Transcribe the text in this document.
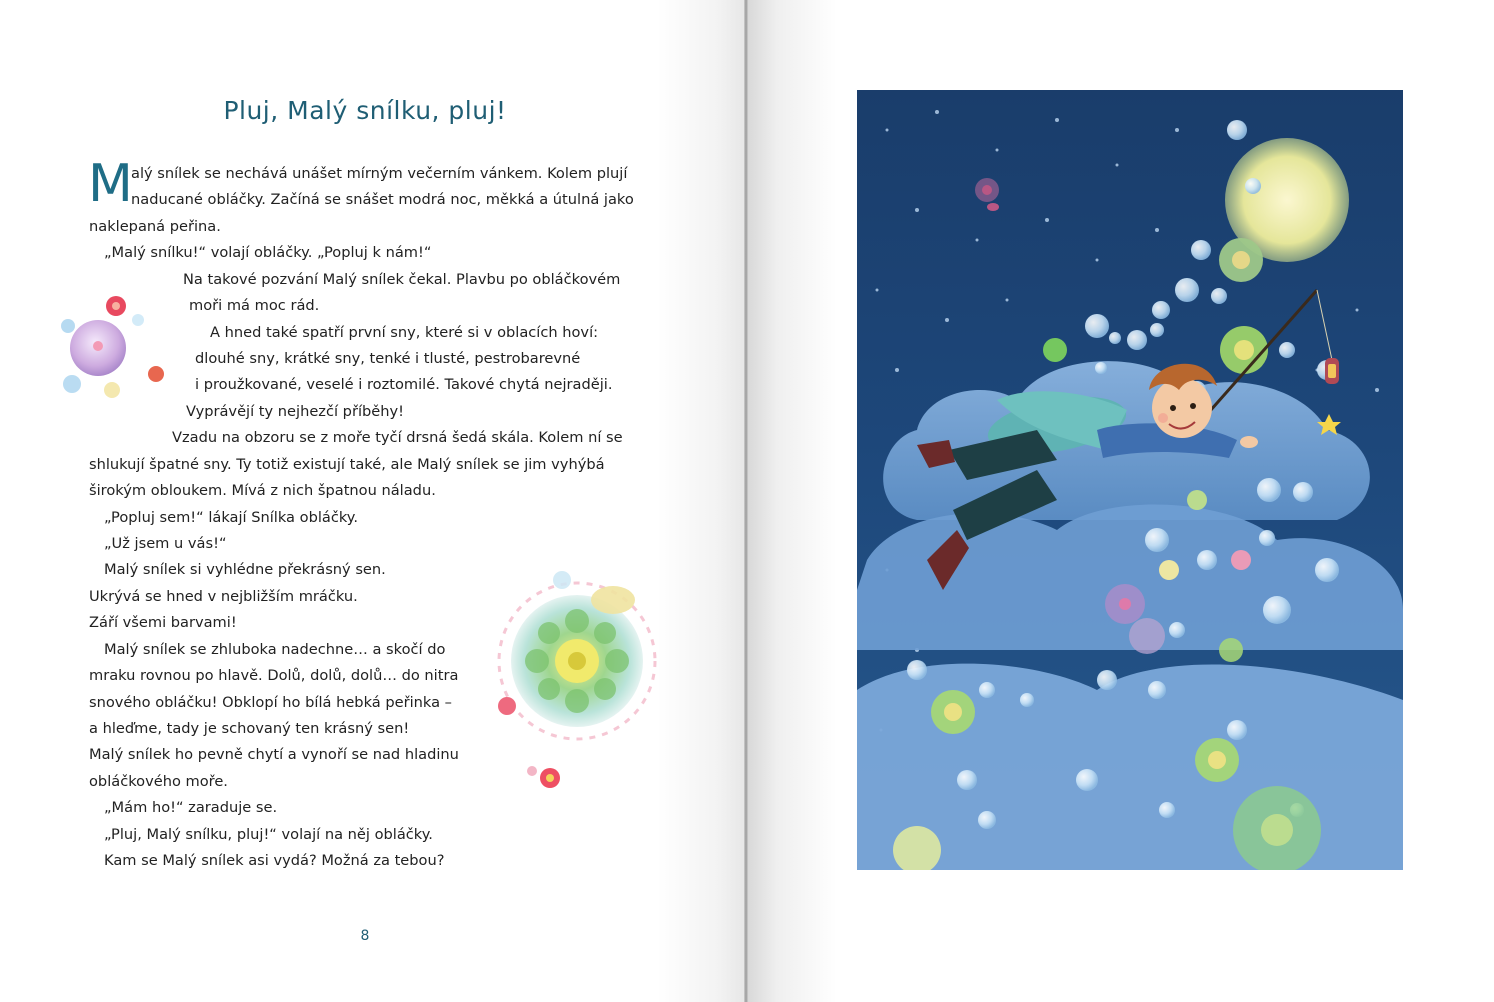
Pluj, Malý snílku, pluj!
M
alý snílek se nechává unášet mírným večerním vánkem. Kolem plují
naducané obláčky. Začíná se snášet modrá noc, měkká a útulná jako
naklepaná peřina.
„Malý snílku!“ volají obláčky. „Popluj k nám!“
Na takové pozvání Malý snílek čekal. Plavbu po obláčkovém
moři má moc rád.
A hned také spatří první sny, které si v oblacích hoví:
dlouhé sny, krátké sny, tenké i tlusté, pestrobarevné
i proužkované, veselé i roztomilé. Takové chytá nejraději.
Vyprávějí ty nejhezčí příběhy!
Vzadu na obzoru se z moře tyčí drsná šedá skála. Kolem ní se
shlukují špatné sny. Ty totiž existují také, ale Malý snílek se jim vyhýbá
širokým obloukem. Mívá z nich špatnou náladu.
„Popluj sem!“ lákají Snílka obláčky.
„Už jsem u vás!“
Malý snílek si vyhlédne překrásný sen.
Ukrývá se hned v nejbližším mráčku.
Září všemi barvami!
Malý snílek se zhluboka nadechne… a skočí do
mraku rovnou po hlavě. Dolů, dolů, dolů… do nitra
snového obláčku! Obklopí ho bílá hebká peřinka –
a hleďme, tady je schovaný ten krásný sen!
Malý snílek ho pevně chytí a vynoří se nad hladinu
obláčkového moře.
„Mám ho!“ zaraduje se.
„Pluj, Malý snílku, pluj!“ volají na něj obláčky.
Kam se Malý snílek asi vydá? Možná za tebou?
8
